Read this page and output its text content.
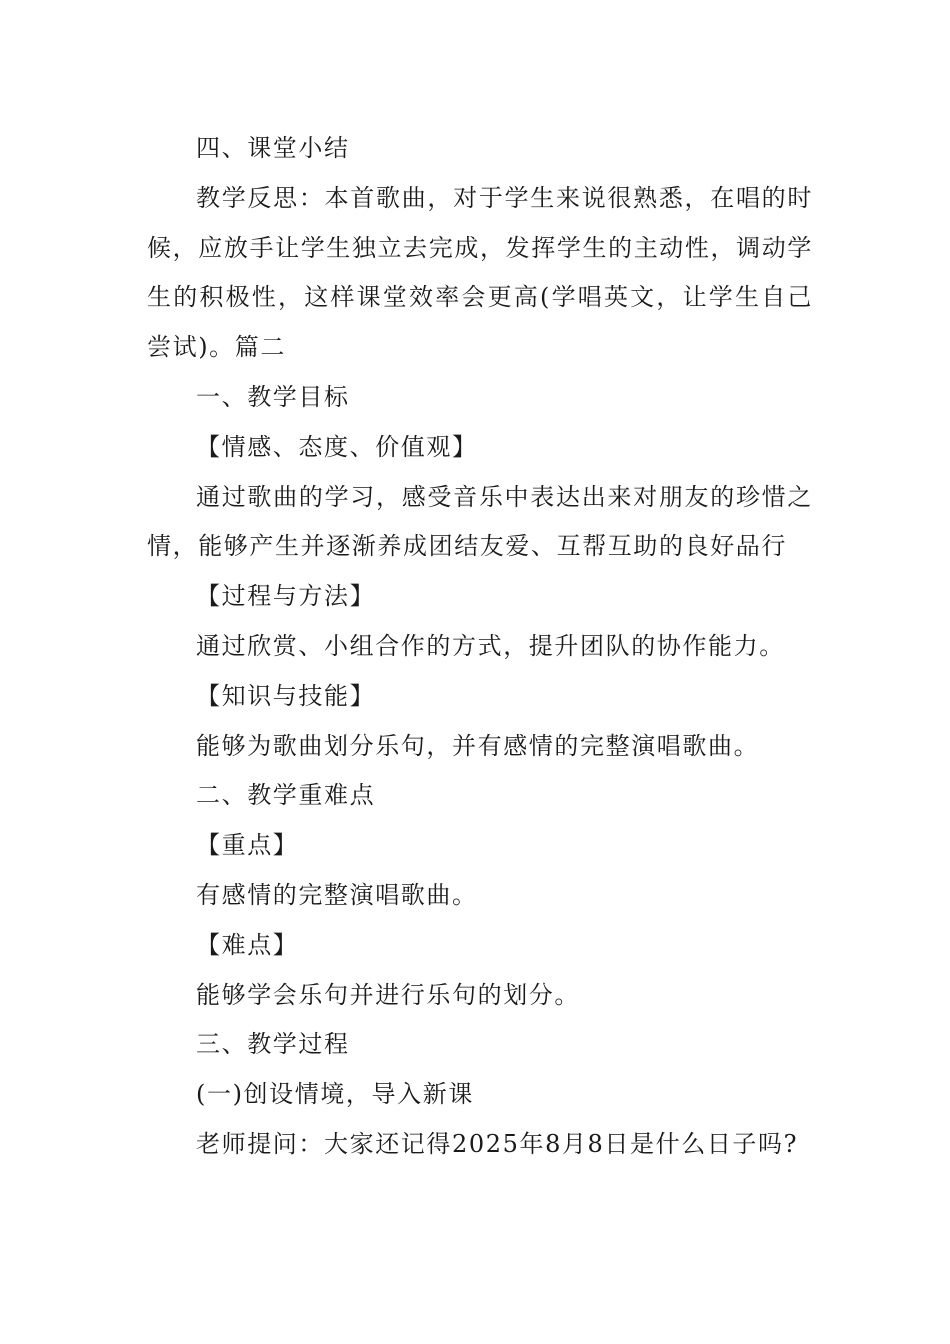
四、课堂小结

教学反思：本首歌曲，对于学生来说很熟悉，在唱的时候，应放手让学生独立去完成，发挥学生的主动性，调动学生的积极性，这样课堂效率会更高(学唱英文，让学生自己尝试)。篇二

一、教学目标

【情感、态度、价值观】

通过歌曲的学习，感受音乐中表达出来对朋友的珍惜之情，能够产生并逐渐养成团结友爱、互帮互助的良好品行

【过程与方法】

通过欣赏、小组合作的方式，提升团队的协作能力。

【知识与技能】

能够为歌曲划分乐句，并有感情的完整演唱歌曲。

二、教学重难点

【重点】

有感情的完整演唱歌曲。

【难点】

能够学会乐句并进行乐句的划分。

三、教学过程

(一)创设情境，导入新课

老师提问：大家还记得2025年8月8日是什么日子吗?
